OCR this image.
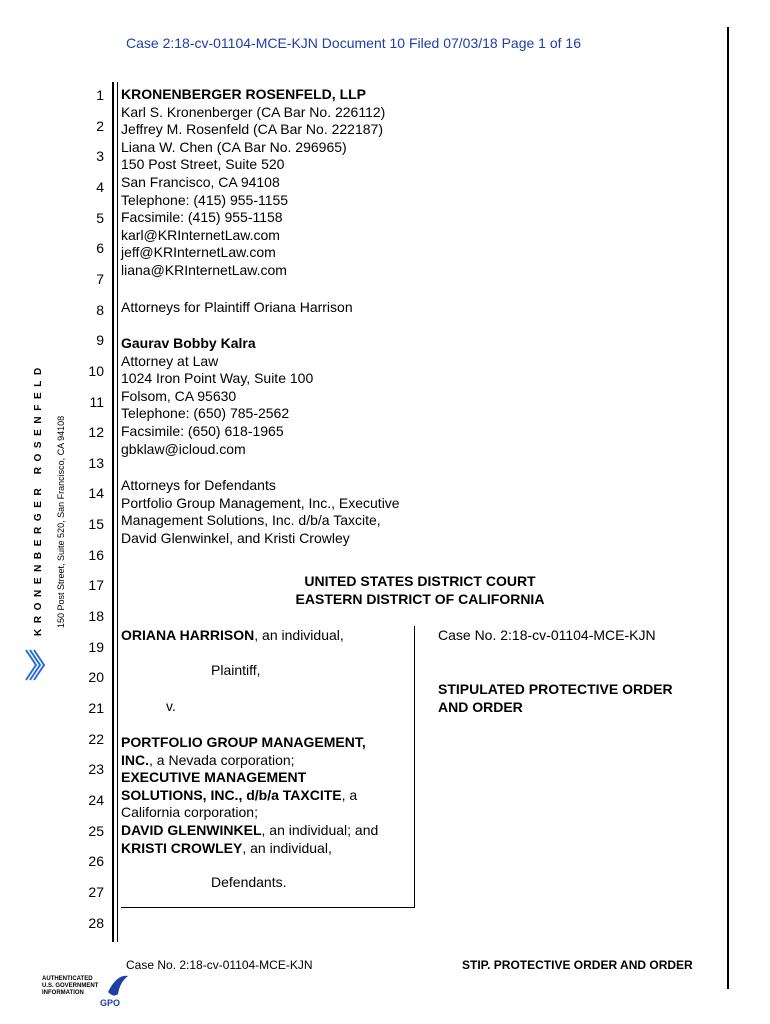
Case 2:18-cv-01104-MCE-KJN Document 10 Filed 07/03/18 Page 1 of 16
1
2
3
4
5
6
7
8
9
10
11
12
13
14
15
16
17
18
19
20
21
22
23
24
25
26
27
28
KRONENBERGER ROSENFELD, LLP
Karl S. Kronenberger (CA Bar No. 226112)
Jeffrey M. Rosenfeld (CA Bar No. 222187)
Liana W. Chen (CA Bar No. 296965)
150 Post Street, Suite 520
San Francisco, CA 94108
Telephone: (415) 955-1155
Facsimile: (415) 955-1158
karl@KRInternetLaw.com
jeff@KRInternetLaw.com
liana@KRInternetLaw.com
Attorneys for Plaintiff Oriana Harrison
Gaurav Bobby Kalra
Attorney at Law
1024 Iron Point Way, Suite 100
Folsom, CA 95630
Telephone: (650) 785-2562
Facsimile: (650) 618-1965
gbklaw@icloud.com
Attorneys for Defendants
Portfolio Group Management, Inc., Executive
Management Solutions, Inc. d/b/a Taxcite,
David Glenwinkel, and Kristi Crowley
UNITED STATES DISTRICT COURT
EASTERN DISTRICT OF CALIFORNIA
ORIANA HARRISON, an individual,
Plaintiff,
v.
PORTFOLIO GROUP MANAGEMENT,
INC., a Nevada corporation;
EXECUTIVE MANAGEMENT
SOLUTIONS, INC., d/b/a TAXCITE, a
California corporation;
DAVID GLENWINKEL, an individual; and
KRISTI CROWLEY, an individual,
Defendants.
Case No. 2:18-cv-01104-MCE-KJN
STIPULATED PROTECTIVE ORDER
AND ORDER
KRONENBERGER ROSENFELD 150 Post Street, Suite 520, San Francisco, CA 94108
Case No. 2:18-cv-01104-MCE-KJN	STIP. PROTECTIVE ORDER AND ORDER
AUTHENTICATED
U.S. GOVERNMENT
INFORMATION
GPO
